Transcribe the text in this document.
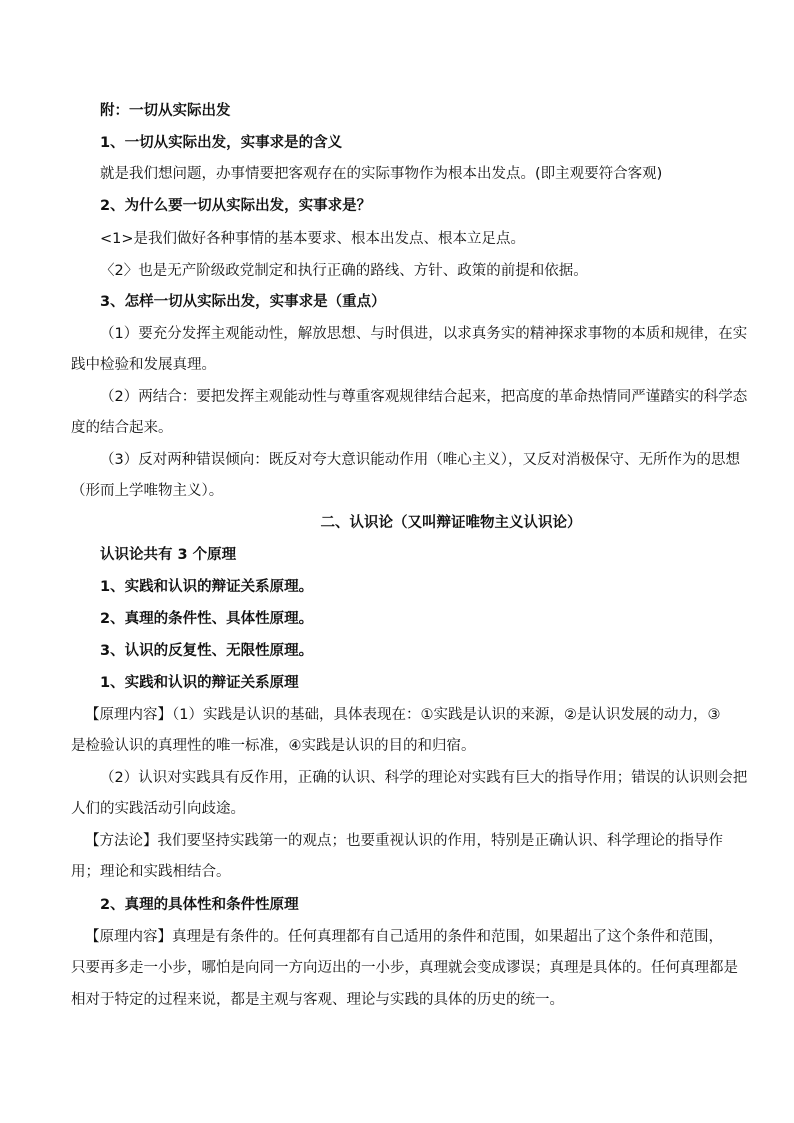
附：一切从实际出发
1、一切从实际出发，实事求是的含义
就是我们想问题，办事情要把客观存在的实际事物作为根本出发点。(即主观要符合客观)
2、为什么要一切从实际出发，实事求是？
<1>是我们做好各种事情的基本要求、根本出发点、根本立足点。
〈2〉也是无产阶级政党制定和执行正确的路线、方针、政策的前提和依据。
3、怎样一切从实际出发，实事求是（重点）
（1）要充分发挥主观能动性，解放思想、与时俱进，以求真务实的精神探求事物的本质和规律，在实
践中检验和发展真理。
（2）两结合：要把发挥主观能动性与尊重客观规律结合起来，把高度的革命热情同严谨踏实的科学态
度的结合起来。
（3）反对两种错误倾向：既反对夸大意识能动作用（唯心主义），又反对消极保守、无所作为的思想
（形而上学唯物主义）。
二、认识论（又叫辩证唯物主义认识论）
认识论共有 3 个原理
1、实践和认识的辩证关系原理。
2、真理的条件性、具体性原理。
3、认识的反复性、无限性原理。
1、实践和认识的辩证关系原理
【原理内容】（1）实践是认识的基础，具体表现在：①实践是认识的来源，②是认识发展的动力，③
是检验认识的真理性的唯一标准，④实践是认识的目的和归宿。
（2）认识对实践具有反作用，正确的认识、科学的理论对实践有巨大的指导作用；错误的认识则会把
人们的实践活动引向歧途。
【方法论】我们要坚持实践第一的观点；也要重视认识的作用，特别是正确认识、科学理论的指导作
用；理论和实践相结合。
2、真理的具体性和条件性原理
【原理内容】真理是有条件的。任何真理都有自己适用的条件和范围，如果超出了这个条件和范围，
只要再多走一小步，哪怕是向同一方向迈出的一小步，真理就会变成谬误；真理是具体的。任何真理都是
相对于特定的过程来说，都是主观与客观、理论与实践的具体的历史的统一。
